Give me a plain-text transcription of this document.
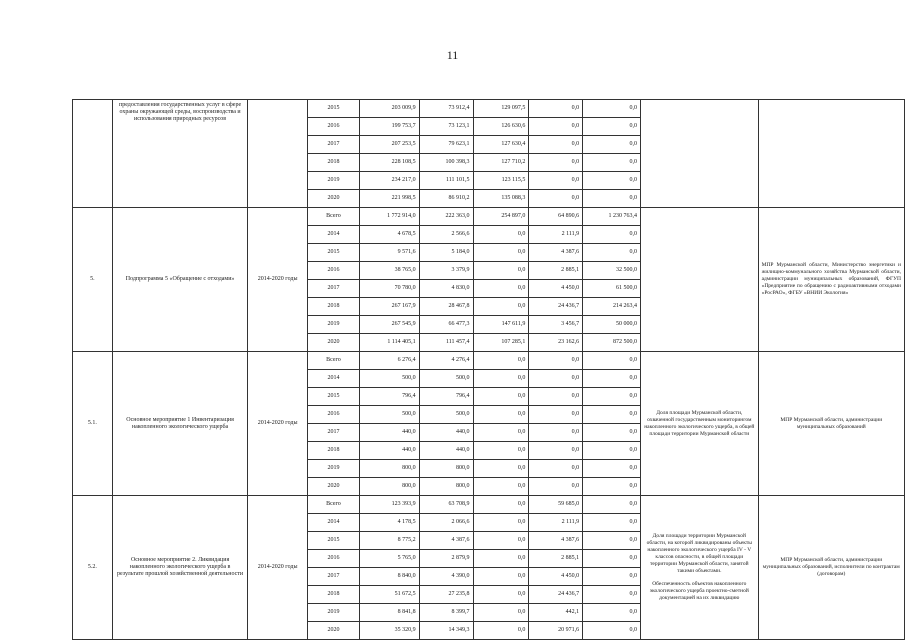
11
	предоставления государственных услуг в сфере охраны окружающей среды, воспроизводства и использования природных ресурсов		2015	203 009,9	73 912,4	129 097,5	0,0	0,0		
			2016	199 753,7	73 123,1	126 630,6	0,0	0,0		
			2017	207 253,5	79 623,1	127 630,4	0,0	0,0		
			2018	228 108,5	100 398,3	127 710,2	0,0	0,0		
			2019	234 217,0	111 101,5	123 115,5	0,0	0,0		
			2020	221 998,5	86 910,2	135 088,3	0,0	0,0		
5.	Подпрограмма 5 «Обращение с отходами»	2014-2020 годы	Всего	1 772 914,0	222 363,0	254 897,0	64 890,6	1 230 763,4		МПР Мурманской области, Министерство энергетики и жилищно-коммунального хозяйства Мурманской области, администрации муниципальных образований, ФГУП «Предприятие по обращению с радиоактивными отходами «РосРАО», ФГБУ «ВНИИ Экология»
			2014	4 678,5	2 566,6	0,0	2 111,9	0,0		
			2015	9 571,6	5 184,0	0,0	4 387,6	0,0		
			2016	38 765,0	3 379,9	0,0	2 885,1	32 500,0		
			2017	70 780,0	4 830,0	0,0	4 450,0	61 500,0		
			2018	267 167,9	28 467,8	0,0	24 436,7	214 263,4		
			2019	267 545,9	66 477,3	147 611,9	3 456,7	50 000,0		
			2020	1 114 405,1	111 457,4	107 285,1	23 162,6	872 500,0		
5.1.	Основное мероприятие 1 Инвентаризация накопленного экологического ущерба	2014-2020 годы	Всего	6 276,4	4 276,4	0,0	0,0	0,0	Доля площади Мурманской области, охваченной государственным мониторингом накопленного экологического ущерба, в общей площади территории Мурманской области	МПР Мурманской области, администрации муниципальных образований
			2014	500,0	500,0	0,0	0,0	0,0		
			2015	796,4	796,4	0,0	0,0	0,0		
			2016	500,0	500,0	0,0	0,0	0,0		
			2017	440,0	440,0	0,0	0,0	0,0		
			2018	440,0	440,0	0,0	0,0	0,0		
			2019	800,0	800,0	0,0	0,0	0,0		
			2020	800,0	800,0	0,0	0,0	0,0		
5.2.	Основное мероприятие 2. Ликвидация накопленного экологического ущерба в результате прошлой хозяйственной деятельности	2014-2020 годы	Всего	123 393,9	63 708,9	0,0	59 685,0	0,0	Доля площади территории Мурманской области, на которой ликвидированы объекты накопленного экологического ущерба IV - V классов опасности, в общей площади территории Мурманской области, занятой такими объектами.
Обеспеченность объектов накопленного экологического ущерба проектно-сметной документацией на их ликвидацию	МПР Мурманской области, администрации муниципальных образований, исполнители по контрактам (договорам)
			2014	4 178,5	2 066,6	0,0	2 111,9	0,0		
			2015	8 775,2	4 387,6	0,0	4 387,6	0,0		
			2016	5 765,0	2 879,9	0,0	2 885,1	0,0		
			2017	8 840,0	4 390,0	0,0	4 450,0	0,0		
			2018	51 672,5	27 235,8	0,0	24 436,7	0,0		
			2019	8 841,8	8 399,7	0,0	442,1	0,0		
			2020	35 320,9	14 349,3	0,0	20 971,6	0,0		
